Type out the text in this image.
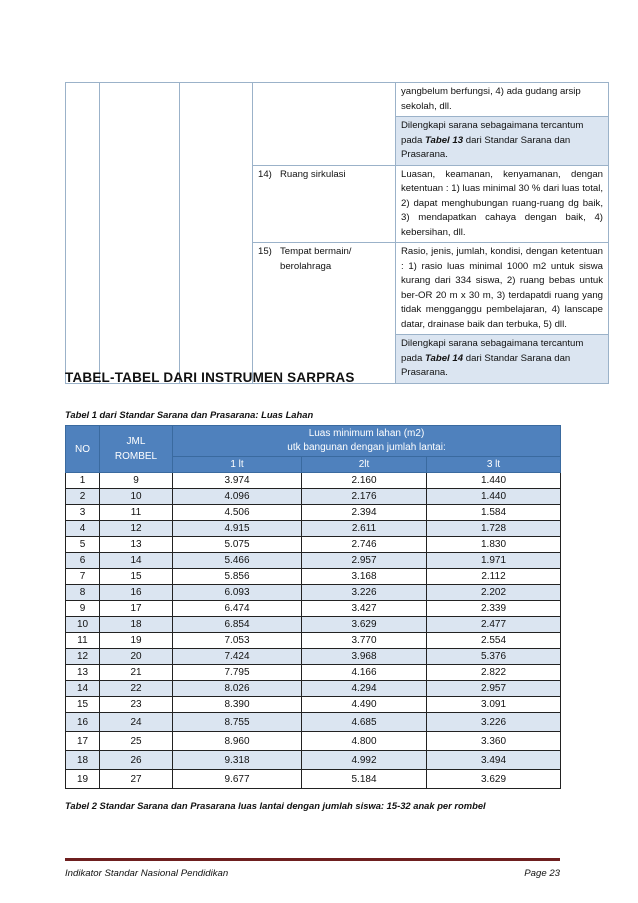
				yangbelum berfungsi, 4) ada gudang arsip sekolah, dll.
				Dilengkapi sarana sebagaimana tercantum pada Tabel 13 dari Standar Sarana dan Prasarana.

			14) Ruang sirkulasi	Luasan, keamanan, kenyamanan, dengan ketentuan : 1) luas minimal 30 % dari luas total, 2) dapat menghubungan ruang-ruang dg baik, 3) mendapatkan cahaya dengan baik, 4) kebersihan, dll.

			15) Tempat bermain/ berolahraga	Rasio, jenis, jumlah, kondisi, dengan ketentuan : 1) rasio luas minimal 1000 m2 untuk siswa kurang dari 334 siswa, 2) ruang bebas untuk ber-OR 20 m x 30 m, 3) terdapatdi ruang yang tidak mengganggu pembelajaran, 4) lanscape datar, drainase baik dan terbuka, 5) dll.
				Dilengkapi sarana sebagaimana tercantum pada Tabel 14 dari Standar Sarana dan Prasarana.
TABEL-TABEL DARI INSTRUMEN SARPRAS
Tabel 1 dari Standar Sarana dan Prasarana: Luas Lahan
NO	JML
ROMBEL	Luas minimum lahan (m2)
utk bangunan dengan jumlah lantai:		
		1 lt	2lt	3 lt
1	9	3.974	2.160	1.440
2	10	4.096	2.176	1.440
3	11	4.506	2.394	1.584
4	12	4.915	2.611	1.728
5	13	5.075	2.746	1.830
6	14	5.466	2.957	1.971
7	15	5.856	3.168	2.112
8	16	6.093	3.226	2.202
9	17	6.474	3.427	2.339
10	18	6.854	3.629	2.477
11	19	7.053	3.770	2.554
12	20	7.424	3.968	5.376
13	21	7.795	4.166	2.822
14	22	8.026	4.294	2.957
15	23	8.390	4.490	3.091
16	24	8.755	4.685	3.226
17	25	8.960	4.800	3.360
18	26	9.318	4.992	3.494
19	27	9.677	5.184	3.629
Tabel 2 Standar Sarana dan Prasarana luas lantai dengan jumlah siswa: 15-32 anak per rombel
Indikator Standar Nasional Pendidikan	Page 23
